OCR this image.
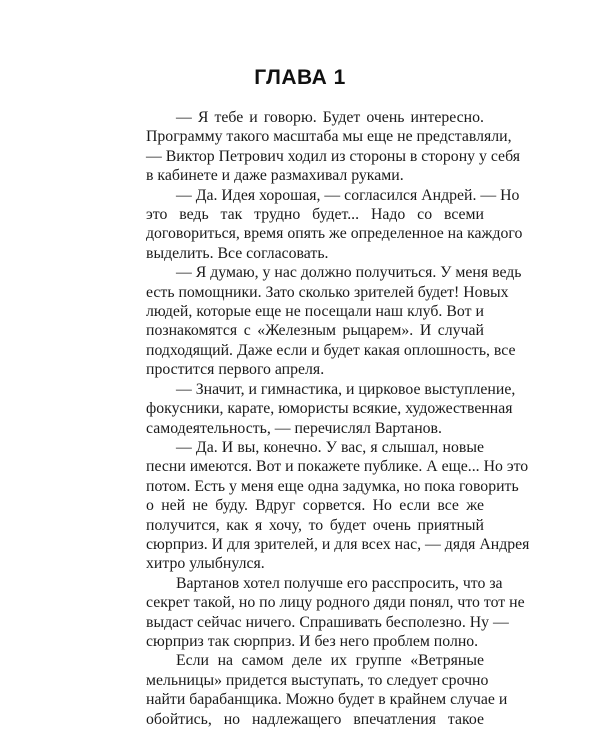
ГЛАВА 1
— Я тебе и говорю. Будет очень интересно.
Программу такого масштаба мы еще не представляли,
— Виктор Петрович ходил из стороны в сторону у себя
в кабинете и даже размахивал руками.
— Да. Идея хорошая, — согласился Андрей. — Но
это ведь так трудно будет... Надо со всеми
договориться, время опять же определенное на каждого
выделить. Все согласовать.
— Я думаю, у нас должно получиться. У меня ведь
есть помощники. Зато сколько зрителей будет! Новых
людей, которые еще не посещали наш клуб. Вот и
познакомятся с «Железным рыцарем». И случай
подходящий. Даже если и будет какая оплошность, все
простится первого апреля.
— Значит, и гимнастика, и цирковое выступление,
фокусники, карате, юмористы всякие, художественная
самодеятельность, — перечислял Вартанов.
— Да. И вы, конечно. У вас, я слышал, новые
песни имеются. Вот и покажете публике. А еще... Но это
потом. Есть у меня еще одна задумка, но пока говорить
о ней не буду. Вдруг сорвется. Но если все же
получится, как я хочу, то будет очень приятный
сюрприз. И для зрителей, и для всех нас, — дядя Андрея
хитро улыбнулся.
Вартанов хотел получше его расспросить, что за
секрет такой, но по лицу родного дяди понял, что тот не
выдаст сейчас ничего. Спрашивать бесполезно. Ну —
сюрприз так сюрприз. И без него проблем полно.
Если на самом деле их группе «Ветряные
мельницы» придется выступать, то следует срочно
найти барабанщика. Можно будет в крайнем случае и
обойтись, но надлежащего впечатления такое
